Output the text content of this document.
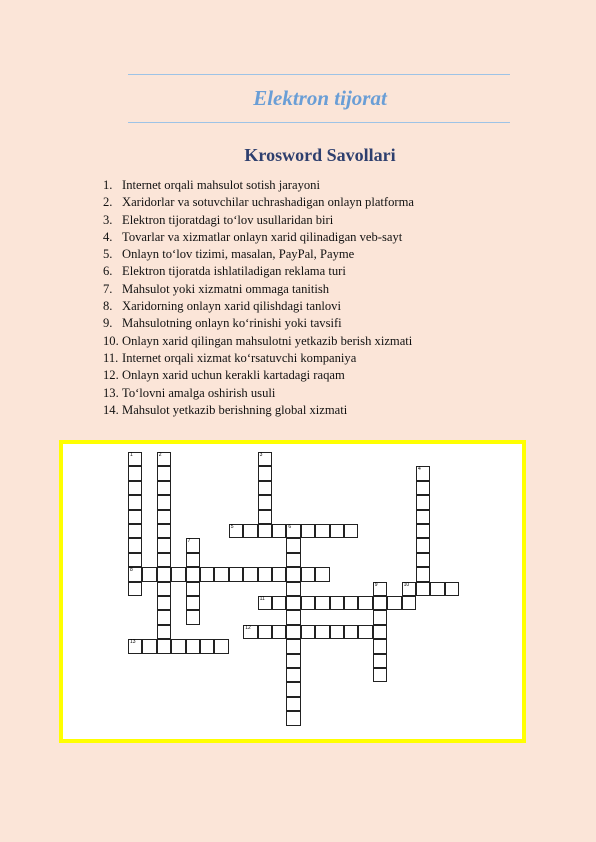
Elektron tijorat
Krosword Savollari
1. Internet orqali mahsulot sotish jarayoni
2. Xaridorlar va sotuvchilar uchrashadigan onlayn platforma
3. Elektron tijoratdagi to‘lov usullaridan biri
4. Tovarlar va xizmatlar onlayn xarid qilinadigan veb-sayt
5. Onlayn to‘lov tizimi, masalan, PayPal, Payme
6. Elektron tijoratda ishlatiladigan reklama turi
7. Mahsulot yoki xizmatni ommaga tanitish
8. Xaridorning onlayn xarid qilishdagi tanlovi
9. Mahsulotning onlayn ko‘rinishi yoki tavsifi
10. Onlayn xarid qilingan mahsulotni yetkazib berish xizmati
11. Internet orqali xizmat ko‘rsatuvchi kompaniya
12. Onlayn xarid uchun kerakli kartadagi raqam
13. To‘lovni amalga oshirish usuli
14. Mahsulot yetkazib berishning global xizmati
1
8
2	3
4
5	6
7
9	10
11
12
13
